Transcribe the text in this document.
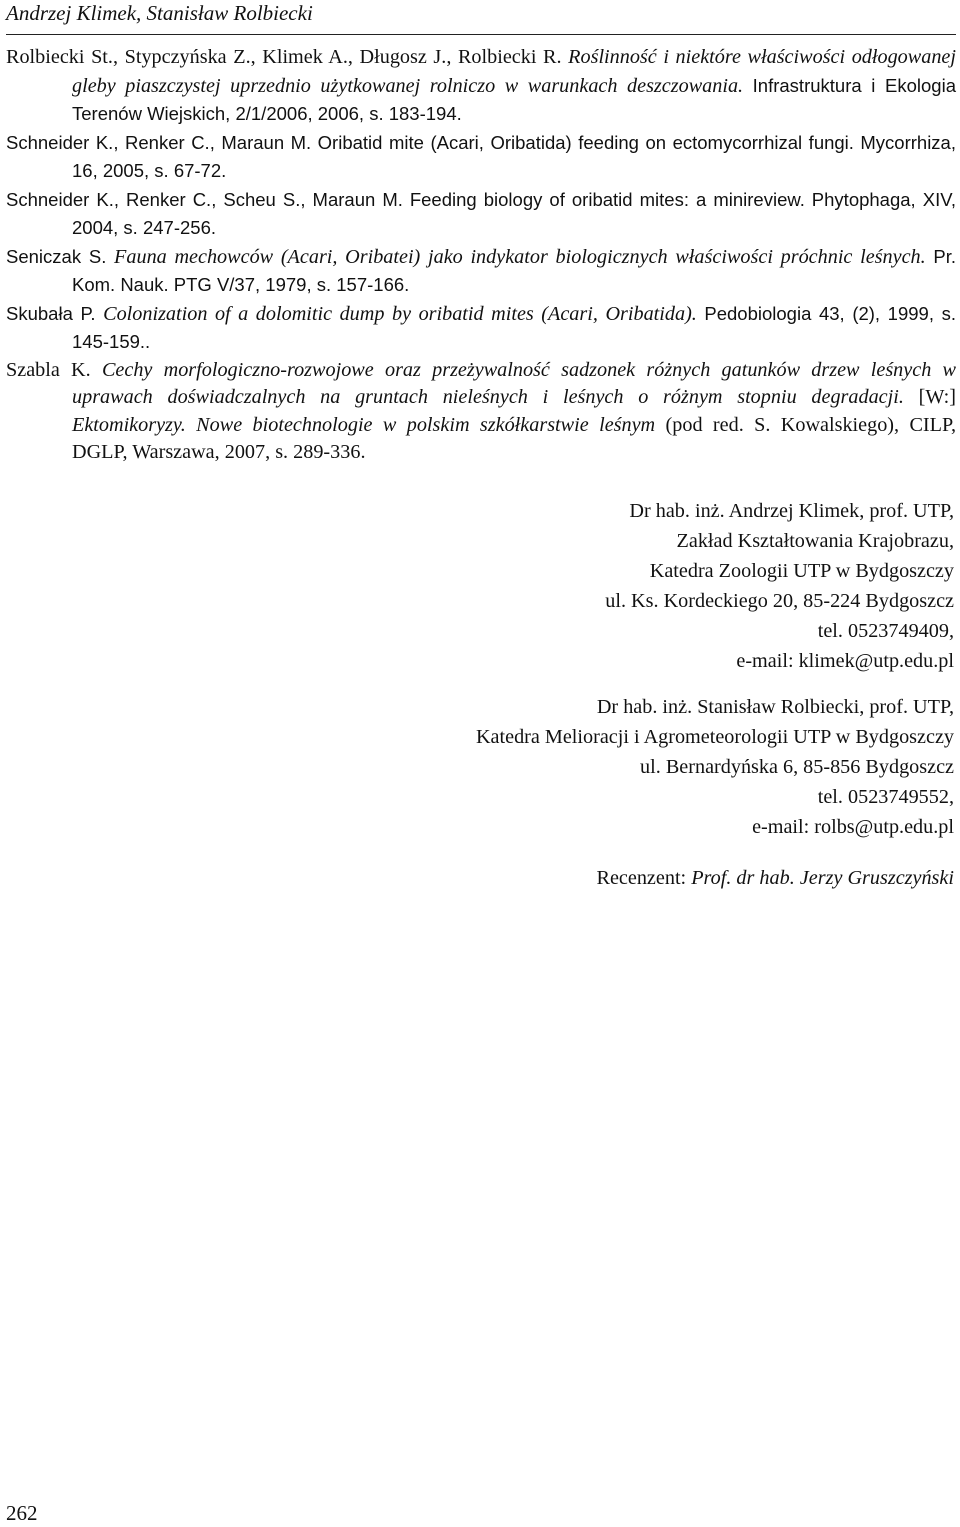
Andrzej Klimek, Stanisław Rolbiecki

Rolbiecki St., Stypczyńska Z., Klimek A., Długosz J., Rolbiecki R. Roślinność i niektóre właściwości odłogowanej gleby piaszczystej uprzednio użytkowanej rolniczo w warunkach deszczowania. Infrastruktura i Ekologia Terenów Wiejskich, 2/1/2006, 2006, s. 183-194.

Schneider K., Renker C., Maraun M. Oribatid mite (Acari, Oribatida) feeding on ectomycorrhizal fungi. Mycorrhiza, 16, 2005, s. 67-72.

Schneider K., Renker C., Scheu S., Maraun M. Feeding biology of oribatid mites: a minireview. Phytophaga, XIV, 2004, s. 247-256.

Seniczak S. Fauna mechowców (Acari, Oribatei) jako indykator biologicznych właściwości próchnic leśnych. Pr. Kom. Nauk. PTG V/37, 1979, s. 157-166.

Skubała P. Colonization of a dolomitic dump by oribatid mites (Acari, Oribatida). Pedobiologia 43, (2), 1999, s. 145-159..

Szabla K. Cechy morfologiczno-rozwojowe oraz przeżywalność sadzonek różnych gatunków drzew leśnych w uprawach doświadczalnych na gruntach nieleśnych i leśnych o różnym stopniu degradacji. [W:] Ektomikoryzy. Nowe biotechnologie w polskim szkółkarstwie leśnym (pod red. S. Kowalskiego), CILP, DGLP, Warszawa, 2007, s. 289-336.

Dr hab. inż. Andrzej Klimek, prof. UTP,
Zakład Kształtowania Krajobrazu,
Katedra Zoologii UTP w Bydgoszczy
ul. Ks. Kordeckiego 20, 85-224 Bydgoszcz
tel. 0523749409,
e-mail: klimek@utp.edu.pl
Dr hab. inż. Stanisław Rolbiecki, prof. UTP,
Katedra Melioracji i Agrometeorologii UTP w Bydgoszczy
ul. Bernardyńska 6, 85-856 Bydgoszcz
tel. 0523749552,
e-mail: rolbs@utp.edu.pl
Recenzent: Prof. dr hab. Jerzy Gruszczyński
262
